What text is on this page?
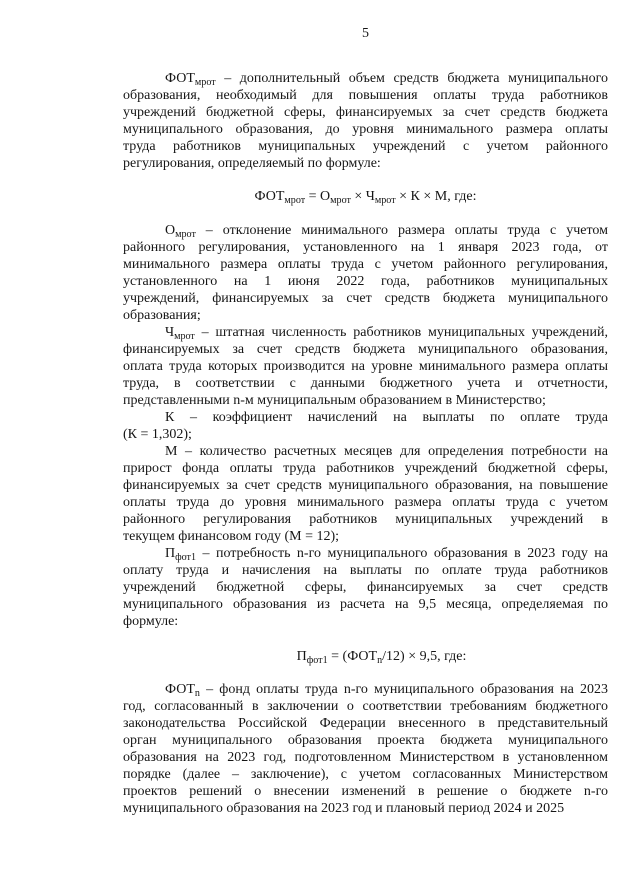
5
$ФОТ_{мрот}$ – дополнительный объем средств бюджета муниципального
образования, необходимый для повышения оплаты труда работников
учреждений бюджетной сферы, финансируемых за счет средств бюджета
муниципального образования, до уровня минимального размера оплаты
труда работников муниципальных учреждений с учетом районного
регулирования, определяемый по формуле:
$ФОТ_{мрот} = О_{мрот} \times Ч_{мрот} \times К \times М$, где:
$О_{мрот}$ – отклонение минимального размера оплаты труда с учетом
районного регулирования, установленного на 1 января 2023 года, от
минимального размера оплаты труда с учетом районного регулирования,
установленного на 1 июня 2022 года, работников муниципальных
учреждений, финансируемых за счет средств бюджета муниципального
образования;
$Ч_{мрот}$ – штатная численность работников муниципальных учреждений,
финансируемых за счет средств бюджета муниципального образования,
оплата труда которых производится на уровне минимального размера оплаты
труда, в соответствии с данными бюджетного учета и отчетности,
представленными n-м муниципальным образованием в Министерство;
К – коэффициент начислений на выплаты по оплате труда
(К = 1,302);
М – количество расчетных месяцев для определения потребности на
прирост фонда оплаты труда работников учреждений бюджетной сферы,
финансируемых за счет средств муниципального образования, на повышение
оплаты труда до уровня минимального размера оплаты труда с учетом
районного регулирования работников муниципальных учреждений в
текущем финансовом году (М = 12);
$П_{фот1}$ – потребность n-го муниципального образования в 2023 году на
оплату труда и начисления на выплаты по оплате труда работников
учреждений бюджетной сферы, финансируемых за счет средств
муниципального образования из расчета на 9,5 месяца, определяемая по
формуле:
$П_{фот1} = (ФОТ_n/12) \times 9,5$, где:
$ФОТ_n$ – фонд оплаты труда n-го муниципального образования на 2023
год, согласованный в заключении о соответствии требованиям бюджетного
законодательства Российской Федерации внесенного в представительный
орган муниципального образования проекта бюджета муниципального
образования на 2023 год, подготовленном Министерством в установленном
порядке (далее – заключение), с учетом согласованных Министерством
проектов решений о внесении изменений в решение о бюджете n-го
муниципального образования на 2023 год и плановый период 2024 и 2025
